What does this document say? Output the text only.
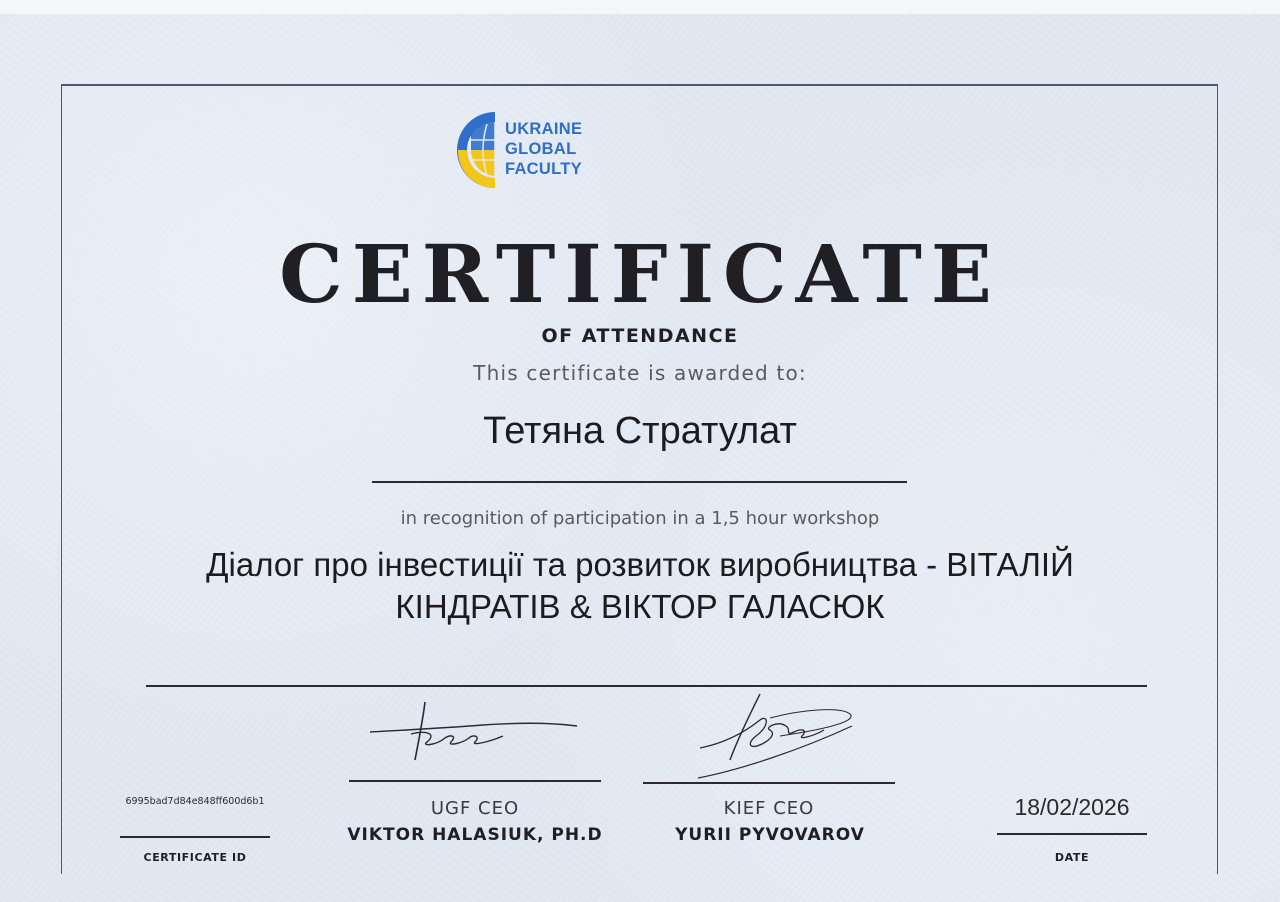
UKRAINE
GLOBAL
FACULTY
CERTIFICATE
OF ATTENDANCE
This certificate is awarded to:
Тетяна Стратулат
in recognition of participation in a 1,5 hour workshop
Діалог про інвестиції та розвиток виробництва - ВІТАЛІЙ КІНДРАТІВ & ВІКТОР ГАЛАСЮК
6995bad7d84e848ff600d6b1
CERTIFICATE ID
UGF CEO
VIKTOR HALASIUK, PH.D
KIEF CEO
YURII PYVOVAROV
18/02/2026
DATE
